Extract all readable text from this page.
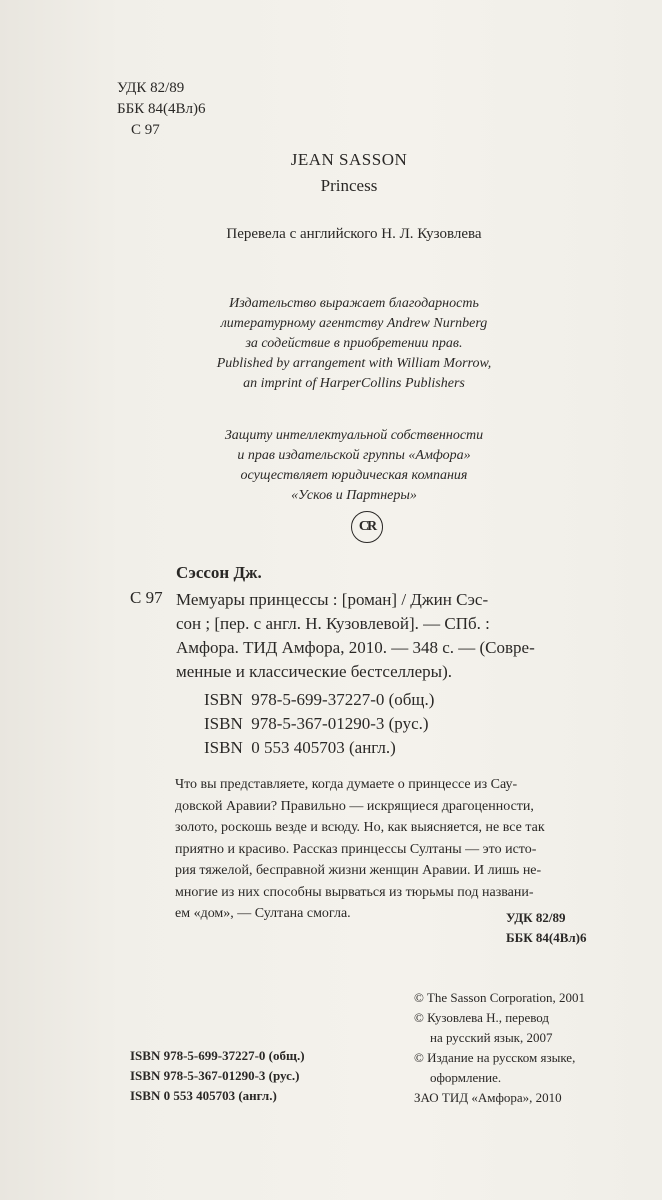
УДК 82/89
ББК 84(4Вл)6
С 97
JEAN SASSON
Princess
Перевела с английского Н. Л. Кузовлева
Издательство выражает благодарность
литературному агентству Andrew Nurnberg
за содействие в приобретении прав.
Published by arrangement with William Morrow,
an imprint of HarperCollins Publishers
Защиту интеллектуальной собственности
и прав издательской группы «Амфора»
осуществляет юридическая компания
«Усков и Партнеры»
CR
Сэссон Дж.
С 97 Мемуары принцессы : [роман] / Джин Сэс-
сон ; [пер. с англ. Н. Кузовлевой]. — СПб. :
Амфора. ТИД Амфора, 2010. — 348 с. — (Совре-
менные и классические бестселлеры).
ISBN  978-5-699-37227-0 (общ.)
ISBN  978-5-367-01290-3 (рус.)
ISBN  0 553 405703 (англ.)
Что вы представляете, когда думаете о принцессе из Сау-
довской Аравии? Правильно — искрящиеся драгоценности,
золото, роскошь везде и всюду. Но, как выясняется, не все так
приятно и красиво. Рассказ принцессы Султаны — это исто-
рия тяжелой, бесправной жизни женщин Аравии. И лишь не-
многие из них способны вырваться из тюрьмы под названи-
ем «дом», — Султана смогла.	УДК 82/89
ББК 84(4Вл)6
© The Sasson Corporation, 2001
© Кузовлева Н., перевод
на русский язык, 2007
© Издание на русском языке,
оформление.
ЗАО ТИД «Амфора», 2010
ISBN 978-5-699-37227-0 (общ.)
ISBN 978-5-367-01290-3 (рус.)
ISBN 0 553 405703 (англ.)
